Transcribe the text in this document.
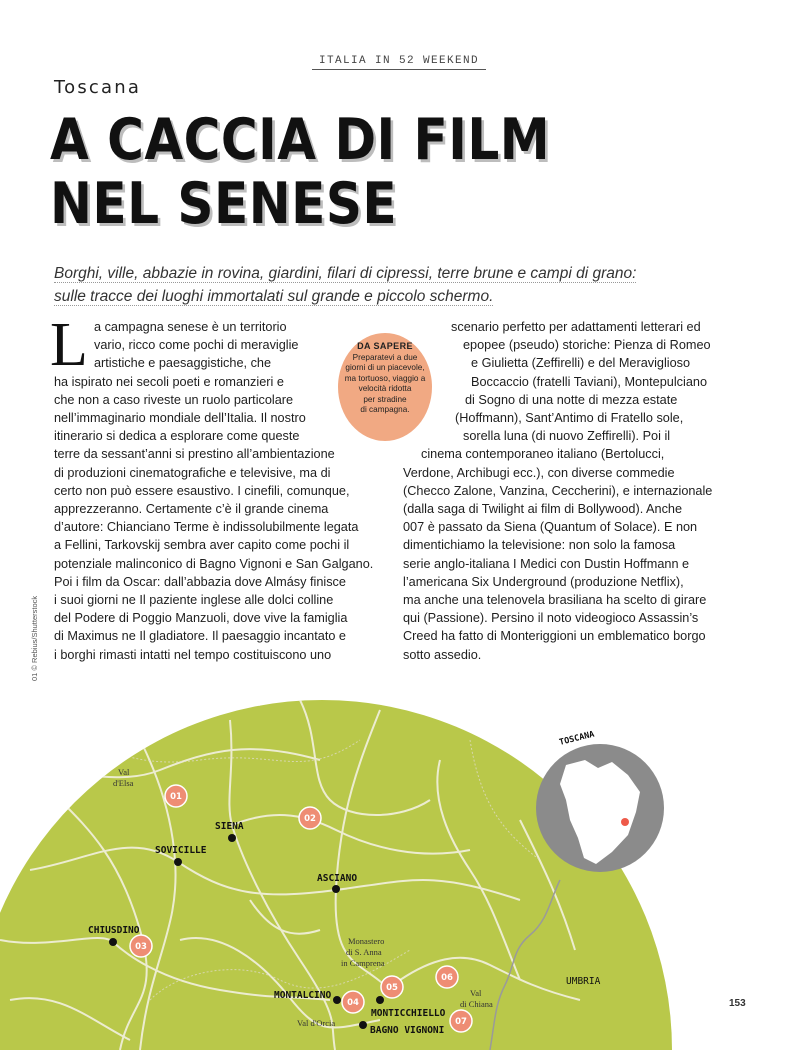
ITALIA IN 52 WEEKEND
Toscana
A CACCIA DI FILM
NEL SENESE
Borghi, ville, abbazie in rovina, giardini, filari di cipressi, terre brune e campi di grano:
sulle tracce dei luoghi immortalati sul grande e piccolo schermo.
L a campagna senese è un territorio
vario, ricco come pochi di meraviglie
artistiche e paesaggistiche, che
ha ispirato nei secoli poeti e romanzieri e
che non a caso riveste un ruolo particolare
nell’immaginario mondiale dell’Italia. Il nostro
itinerario si dedica a esplorare come queste
terre da sessant’anni si prestino all’ambientazione
di produzioni cinematografiche e televisive, ma di
certo non può essere esaustivo. I cinefili, comunque,
apprezzeranno. Certamente c’è il grande cinema
d’autore: Chianciano Terme è indissolubilmente legata
a Fellini, Tarkovskij sembra aver capito come pochi il
potenziale malinconico di Bagno Vignoni e San Galgano.
Poi i film da Oscar: dall’abbazia dove Almásy finisce
i suoi giorni ne Il paziente inglese alle dolci colline
del Podere di Poggio Manzuoli, dove vive la famiglia
di Maximus ne Il gladiatore. Il paesaggio incantato e
i borghi rimasti intatti nel tempo costituiscono uno
DA SAPERE
Preparatevi a due
giorni di un piacevole,
ma tortuoso, viaggio a
velocità ridotta
per stradine
di campagna.
scenario perfetto per adattamenti letterari ed
epopee (pseudo) storiche: Pienza di Romeo
e Giulietta (Zeffirelli) e del Meraviglioso
Boccaccio (fratelli Taviani), Montepulciano
di Sogno di una notte di mezza estate
(Hoffmann), Sant’Antimo di Fratello sole,
sorella luna (di nuovo Zeffirelli). Poi il
cinema contemporaneo italiano (Bertolucci,
Verdone, Archibugi ecc.), con diverse commedie
(Checco Zalone, Vanzina, Ceccherini), e internazionale
(dalla saga di Twilight ai film di Bollywood). Anche
007 è passato da Siena (Quantum of Solace). E non
dimentichiamo la televisione: non solo la famosa
serie anglo-italiana I Medici con Dustin Hoffmann e
l’americana Six Underground (produzione Netflix),
ma anche una telenovela brasiliana ha scelto di girare
qui (Passione). Persino il noto videogioco Assassin’s
Creed ha fatto di Monteriggioni un emblematico borgo
sotto assedio.
01 © Rebius/Shutterstock
TOSCANA
Val
d'Elsa
Monastero
di S. Anna
in Camprena
Val d'Orcia
Val
di Chiana
UMBRIA
SIENA
SOVICILLE
ASCIANO
CHIUSDINO
MONTALCINO
MONTICCHIELLO
BAGNO VIGNONI
01
02
03
04
05
06
07
153
